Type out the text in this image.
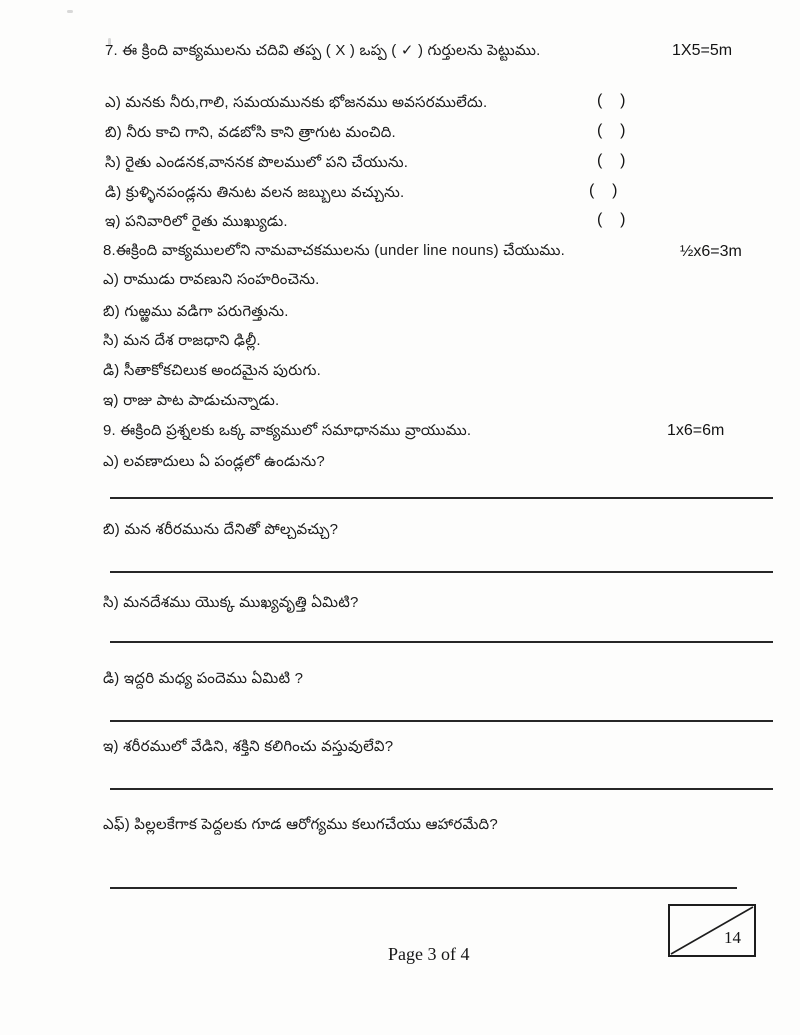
7. ఈ క్రింది వాక్యములను చదివి తప్ప ( X ) ఒప్ప ( ✓ ) గుర్తులను పెట్టుము.	1X5=5m
ఎ) మనకు నీరు,గాలి, సమయమునకు భోజనము అవసరములేదు.	(    )
బి) నీరు కాచి గాని, వడబోసి కాని త్రాగుట మంచిది.	(    )
సి) రైతు ఎండనక,వాననక పొలములో పని చేయును.	(    )
డి) క్రుళ్ళినపండ్లను తినుట వలన జబ్బులు వచ్చును.	(    )
ఇ) పనివారిలో రైతు ముఖ్యుడు.	(    )
8.ఈక్రింది వాక్యములలోని నామవాచకములను (under line nouns) చేయుము.	½x6=3m
ఎ) రాముడు రావణుని సంహరించెను.
బి) గుఱ్ఱము వడిగా పరుగెత్తును.
సి) మన దేశ రాజధాని ఢిల్లీ.
డి) సీతాకోకచిలుక అందమైన పురుగు.
ఇ) రాజు పాట పాడుచున్నాడు.
9. ఈక్రింది ప్రశ్నలకు ఒక్క వాక్యములో సమాధానము వ్రాయుము.	1x6=6m
ఎ) లవణాదులు ఏ పండ్లలో ఉండును?
బి) మన శరీరమును దేనితో పోల్చవచ్చు?
సి) మనదేశము యొక్క ముఖ్యవృత్తి ఏమిటి?
డి) ఇద్దరి మధ్య పందెము ఏమిటి ?
ఇ) శరీరములో వేడిని, శక్తిని కలిగించు వస్తువులేవి?
ఎఫ్) పిల్లలకేగాక పెద్దలకు గూడ ఆరోగ్యము కలుగచేయు ఆహారమేది?
14
Page 3 of 4
